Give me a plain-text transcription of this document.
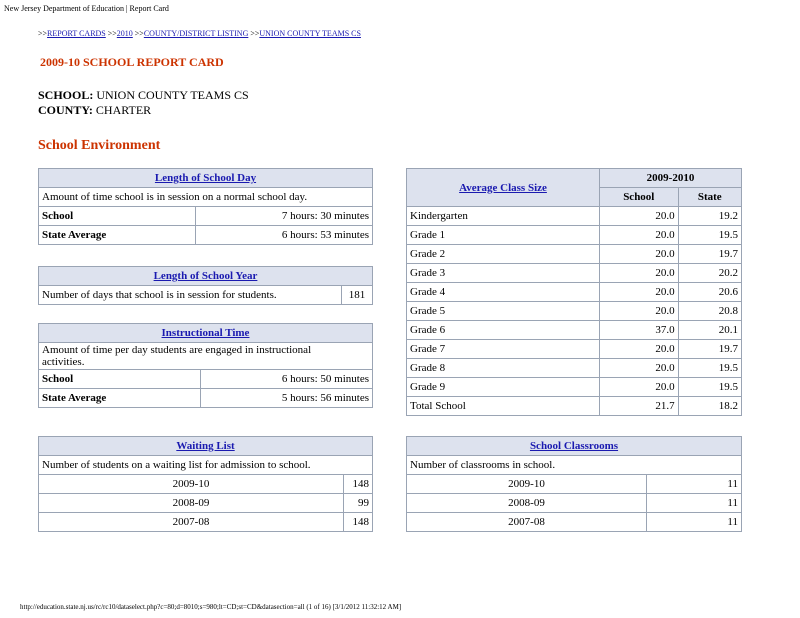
New Jersey Department of Education | Report Card
>>REPORT CARDS >>2010 >>COUNTY/DISTRICT LISTING >>UNION COUNTY TEAMS CS
2009-10 SCHOOL REPORT CARD
SCHOOL: UNION COUNTY TEAMS CS
COUNTY: CHARTER
School Environment
Length of School Day	
Amount of time school is in session on a normal school day.	
School	7 hours: 30 minutes
State Average	6 hours: 53 minutes
Length of School Year
Number of days that school is in session for students.	181
Instructional Time	
Amount of time per day students are engaged in instructional activities.	
School	6 hours: 50 minutes
State Average	5 hours: 56 minutes
Waiting List	
Number of students on a waiting list for admission to school.	
2009-10	148
2008-09	99
2007-08	148
Average Class Size	2009-2010	
	School	State
Kindergarten	20.0	19.2
Grade 1	20.0	19.5
Grade 2	20.0	19.7
Grade 3	20.0	20.2
Grade 4	20.0	20.6
Grade 5	20.0	20.8
Grade 6	37.0	20.1
Grade 7	20.0	19.7
Grade 8	20.0	19.5
Grade 9	20.0	19.5
Total School	21.7	18.2
School Classrooms	
Number of classrooms in school.	
2009-10	11
2008-09	11
2007-08	11
http://education.state.nj.us/rc/rc10/dataselect.php?c=80;d=8010;s=980;lt=CD;st=CD&datasection=all (1 of 16) [3/1/2012 11:32:12 AM]
